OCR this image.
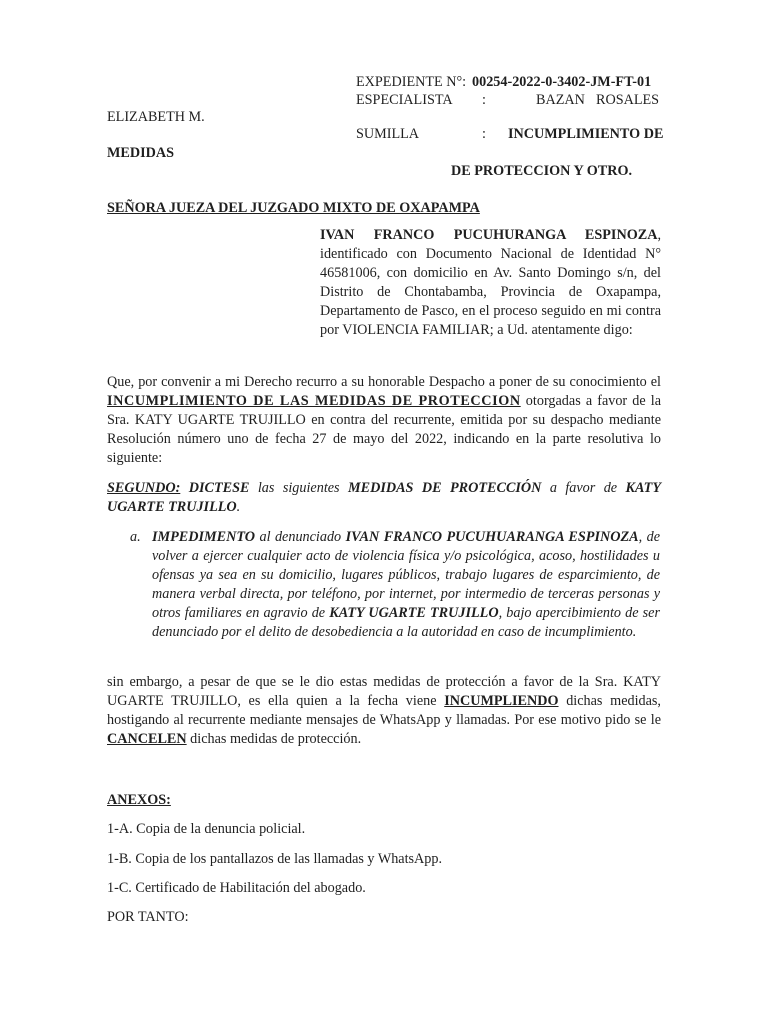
EXPEDIENTE N°: 00254-2022-0-3402-JM-FT-01
ESPECIALISTA :	BAZAN ROSALES
ELIZABETH M.
SUMILLA	: INCUMPLIMIENTO DE
MEDIDAS
DE PROTECCION Y OTRO.
SEÑORA JUEZA DEL JUZGADO MIXTO DE OXAPAMPA
IVAN FRANCO PUCUHURANGA ESPINOZA, identificado con Documento Nacional de Identidad N° 46581006, con domicilio en Av. Santo Domingo s/n, del Distrito de Chontabamba, Provincia de Oxapampa, Departamento de Pasco, en el proceso seguido en mi contra por VIOLENCIA FAMILIAR; a Ud. atentamente digo:
Que, por convenir a mi Derecho recurro a su honorable Despacho a poner de su conocimiento el INCUMPLIMIENTO DE LAS MEDIDAS DE PROTECCION otorgadas a favor de la Sra. KATY UGARTE TRUJILLO en contra del recurrente, emitida por su despacho mediante Resolución número uno de fecha 27 de mayo del 2022, indicando en la parte resolutiva lo siguiente:
SEGUNDO: DICTESE las siguientes MEDIDAS DE PROTECCIÓN a favor de KATY UGARTE TRUJILLO.
a. IMPEDIMENTO al denunciado IVAN FRANCO PUCUHUARANGA ESPINOZA, de volver a ejercer cualquier acto de violencia física y/o psicológica, acoso, hostilidades u ofensas ya sea en su domicilio, lugares públicos, trabajo lugares de esparcimiento, de manera verbal directa, por teléfono, por internet, por intermedio de terceras personas y otros familiares en agravio de KATY UGARTE TRUJILLO, bajo apercibimiento de ser denunciado por el delito de desobediencia a la autoridad en caso de incumplimiento.
sin embargo, a pesar de que se le dio estas medidas de protección a favor de la Sra. KATY UGARTE TRUJILLO, es ella quien a la fecha viene INCUMPLIENDO dichas medidas, hostigando al recurrente mediante mensajes de WhatsApp y llamadas. Por ese motivo pido se le CANCELEN dichas medidas de protección.
ANEXOS:
1-A. Copia de la denuncia policial.
1-B. Copia de los pantallazos de las llamadas y WhatsApp.
1-C. Certificado de Habilitación del abogado.
POR TANTO:
